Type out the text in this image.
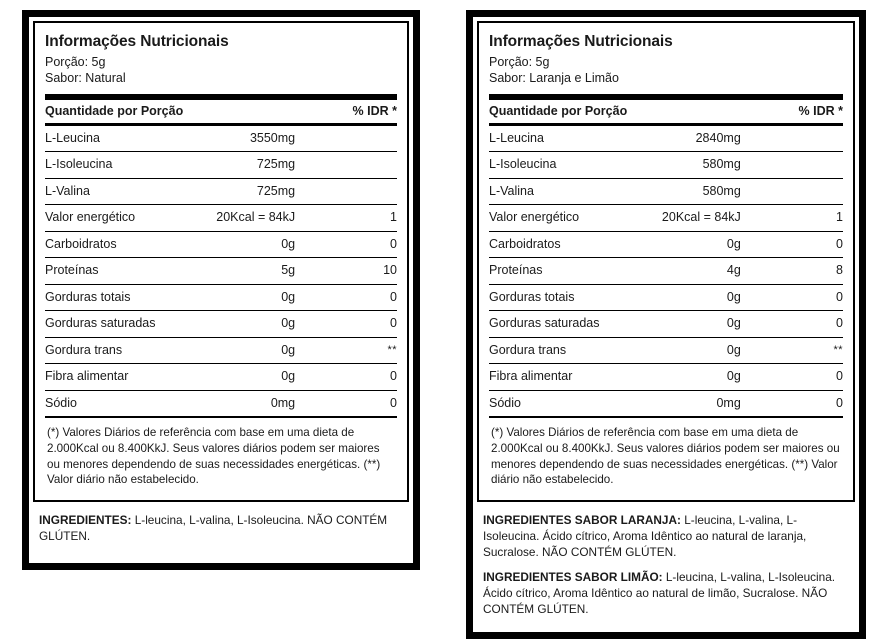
Informações Nutricionais
Porção: 5g
Sabor: Natural
Quantidade por Porção		% IDR *
L-Leucina	3550mg	

L-Isoleucina	725mg	

L-Valina	725mg	

Valor energético	20Kcal = 84kJ	1

Carboidratos	0g	0

Proteínas	5g	10

Gorduras totais	0g	0

Gorduras saturadas	0g	0

Gordura trans	0g	**

Fibra alimentar	0g	0

Sódio	0mg	0
(*) Valores Diários de referência com base em uma dieta de 2.000Kcal ou 8.400KkJ. Seus valores diários podem ser maiores ou menores dependendo de suas necessidades energéticas. (**) Valor diário não estabelecido.
INGREDIENTES: L-leucina, L-valina, L-Isoleucina. NÃO CONTÉM GLÚTEN.
Informações Nutricionais
Porção: 5g
Sabor: Laranja e Limão
Quantidade por Porção		% IDR *
L-Leucina	2840mg	

L-Isoleucina	580mg	

L-Valina	580mg	

Valor energético	20Kcal = 84kJ	1

Carboidratos	0g	0

Proteínas	4g	8

Gorduras totais	0g	0

Gorduras saturadas	0g	0

Gordura trans	0g	**

Fibra alimentar	0g	0

Sódio	0mg	0
(*) Valores Diários de referência com base em uma dieta de 2.000Kcal ou 8.400KkJ. Seus valores diários podem ser maiores ou menores dependendo de suas necessidades energéticas. (**) Valor diário não estabelecido.
INGREDIENTES SABOR LARANJA: L-leucina, L-valina, L-Isoleucina. Ácido cítrico, Aroma Idêntico ao natural de laranja, Sucralose. NÃO CONTÉM GLÚTEN.
INGREDIENTES SABOR LIMÃO: L-leucina, L-valina, L-Isoleucina. Ácido cítrico, Aroma Idêntico ao natural de limão, Sucralose. NÃO CONTÉM GLÚTEN.
